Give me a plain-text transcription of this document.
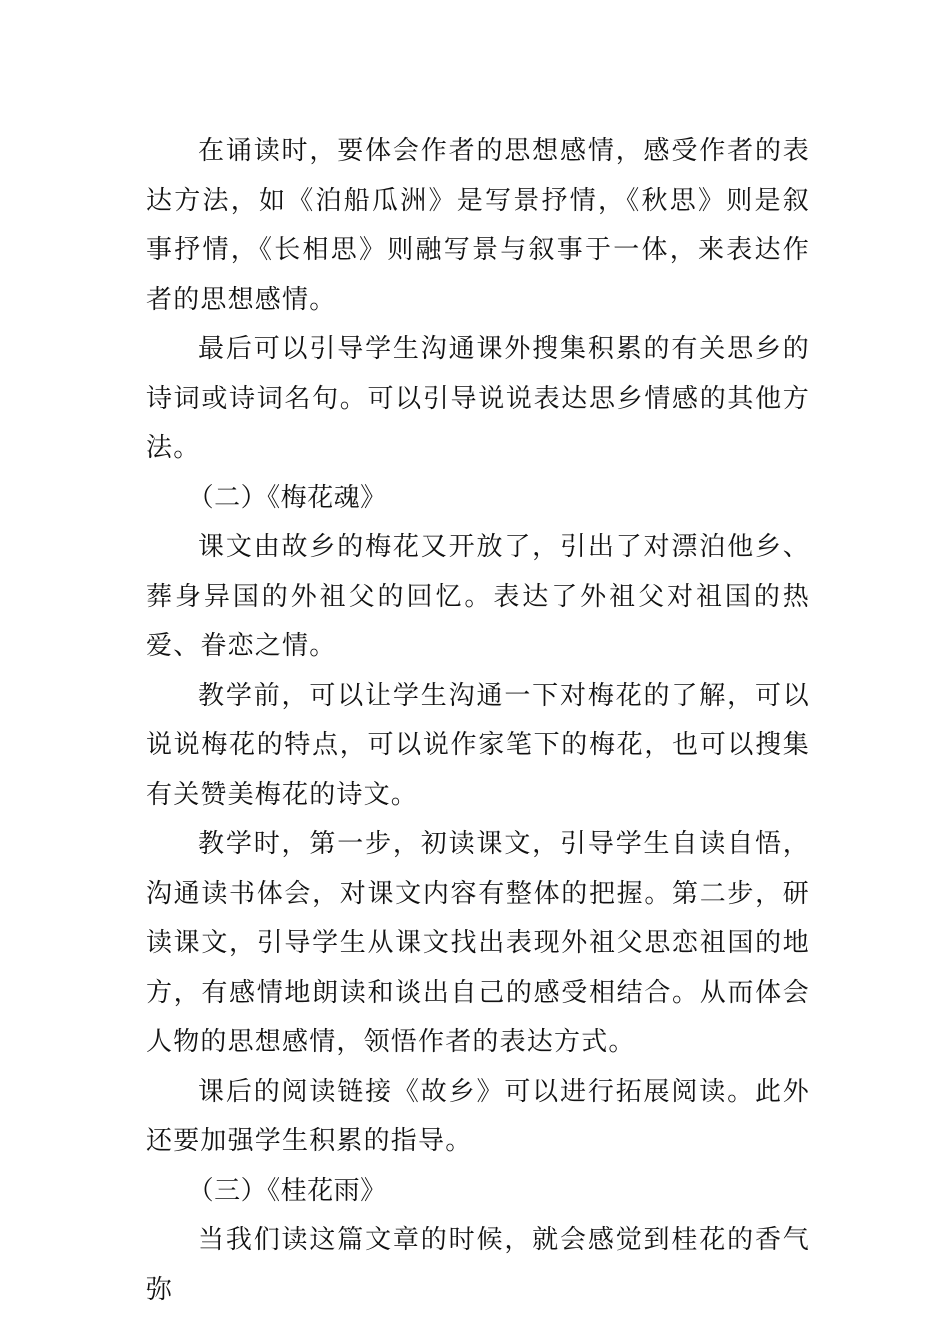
在诵读时，要体会作者的思想感情，感受作者的表达方法，如《泊船瓜洲》是写景抒情，《秋思》则是叙事抒情，《长相思》则融写景与叙事于一体，来表达作者的思想感情。

最后可以引导学生沟通课外搜集积累的有关思乡的诗词或诗词名句。可以引导说说表达思乡情感的其他方法。

（二）《梅花魂》

课文由故乡的梅花又开放了，引出了对漂泊他乡、葬身异国的外祖父的回忆。表达了外祖父对祖国的热爱、眷恋之情。

教学前，可以让学生沟通一下对梅花的了解，可以说说梅花的特点，可以说作家笔下的梅花，也可以搜集有关赞美梅花的诗文。

教学时，第一步，初读课文，引导学生自读自悟，沟通读书体会，对课文内容有整体的把握。第二步，研读课文，引导学生从课文找出表现外祖父思恋祖国的地方，有感情地朗读和谈出自己的感受相结合。从而体会人物的思想感情，领悟作者的表达方式。

课后的阅读链接《故乡》可以进行拓展阅读。此外还要加强学生积累的指导。

（三）《桂花雨》

当我们读这篇文章的时候，就会感觉到桂花的香气弥
